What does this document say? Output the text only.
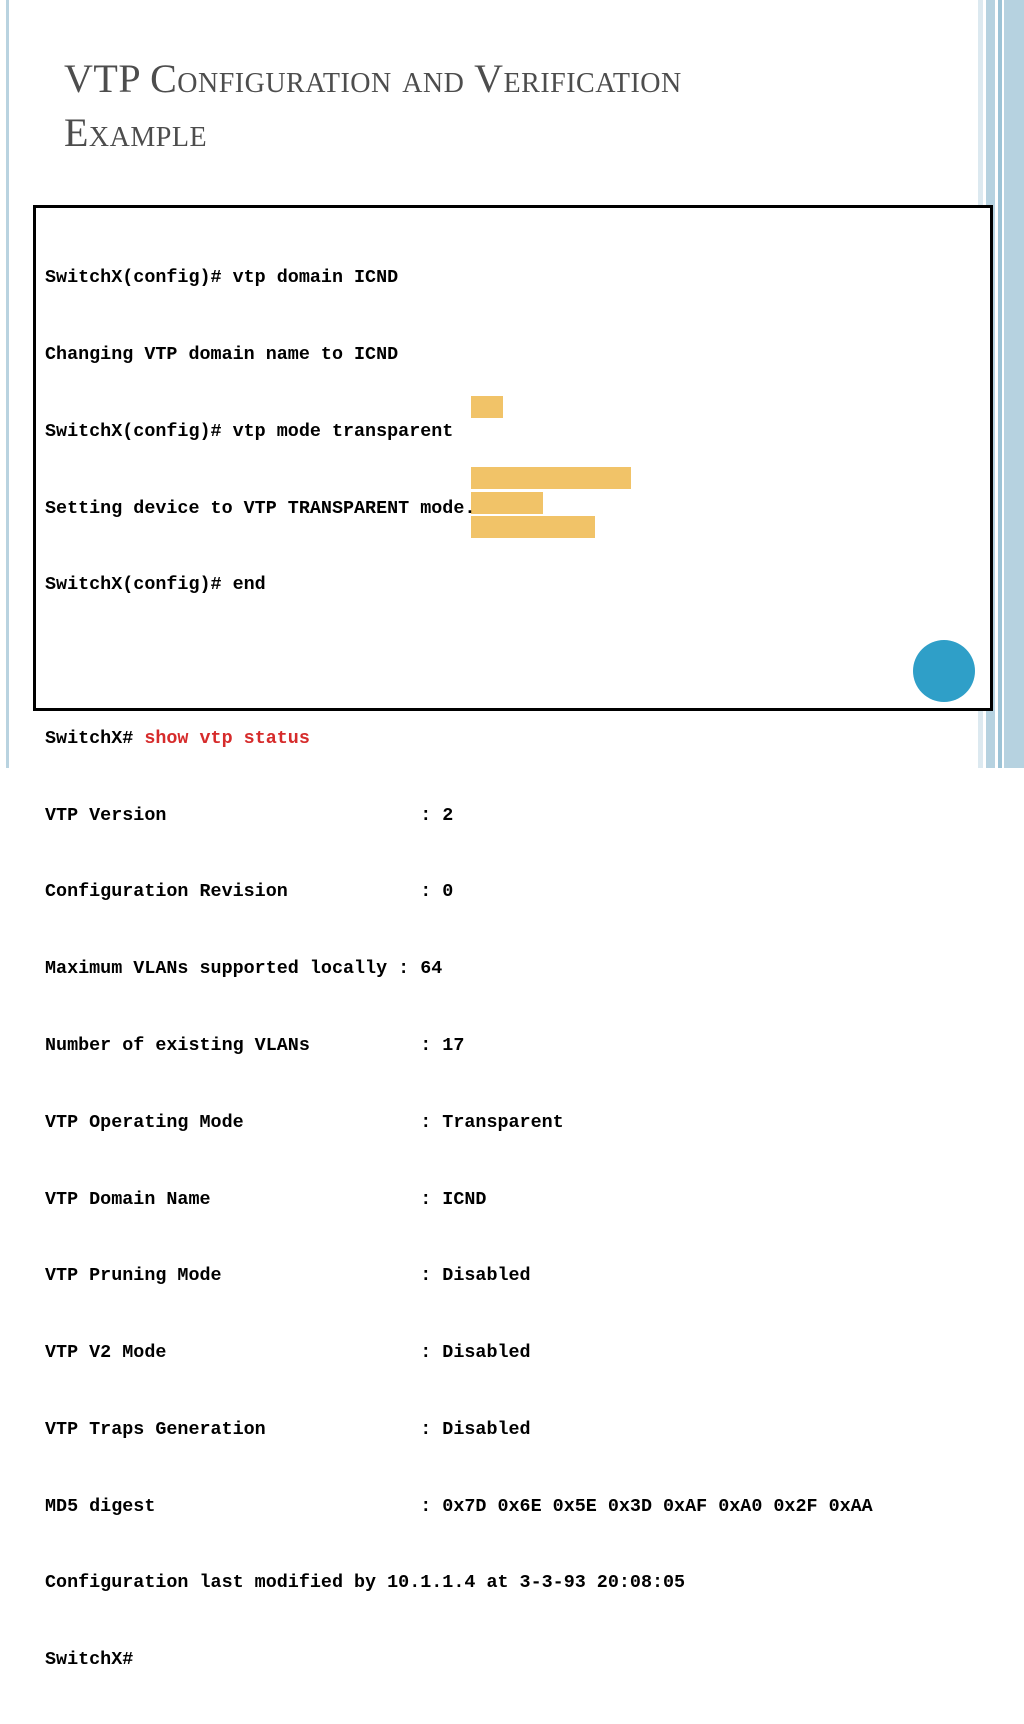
VTP Configuration and Verification
Example

SwitchX(config)# vtp domain ICND

Changing VTP domain name to ICND

SwitchX(config)# vtp mode transparent

Setting device to VTP TRANSPARENT mode.

SwitchX(config)# end

SwitchX# show vtp status

VTP Version                       : 2

Configuration Revision            : 0

Maximum VLANs supported locally : 64

Number of existing VLANs          : 17

VTP Operating Mode                : Transparent

VTP Domain Name                   : ICND

VTP Pruning Mode                  : Disabled

VTP V2 Mode                       : Disabled

VTP Traps Generation              : Disabled

MD5 digest                        : 0x7D 0x6E 0x5E 0x3D 0xAF 0xA0 0x2F 0xAA

Configuration last modified by 10.1.1.4 at 3-3-93 20:08:05

SwitchX#
